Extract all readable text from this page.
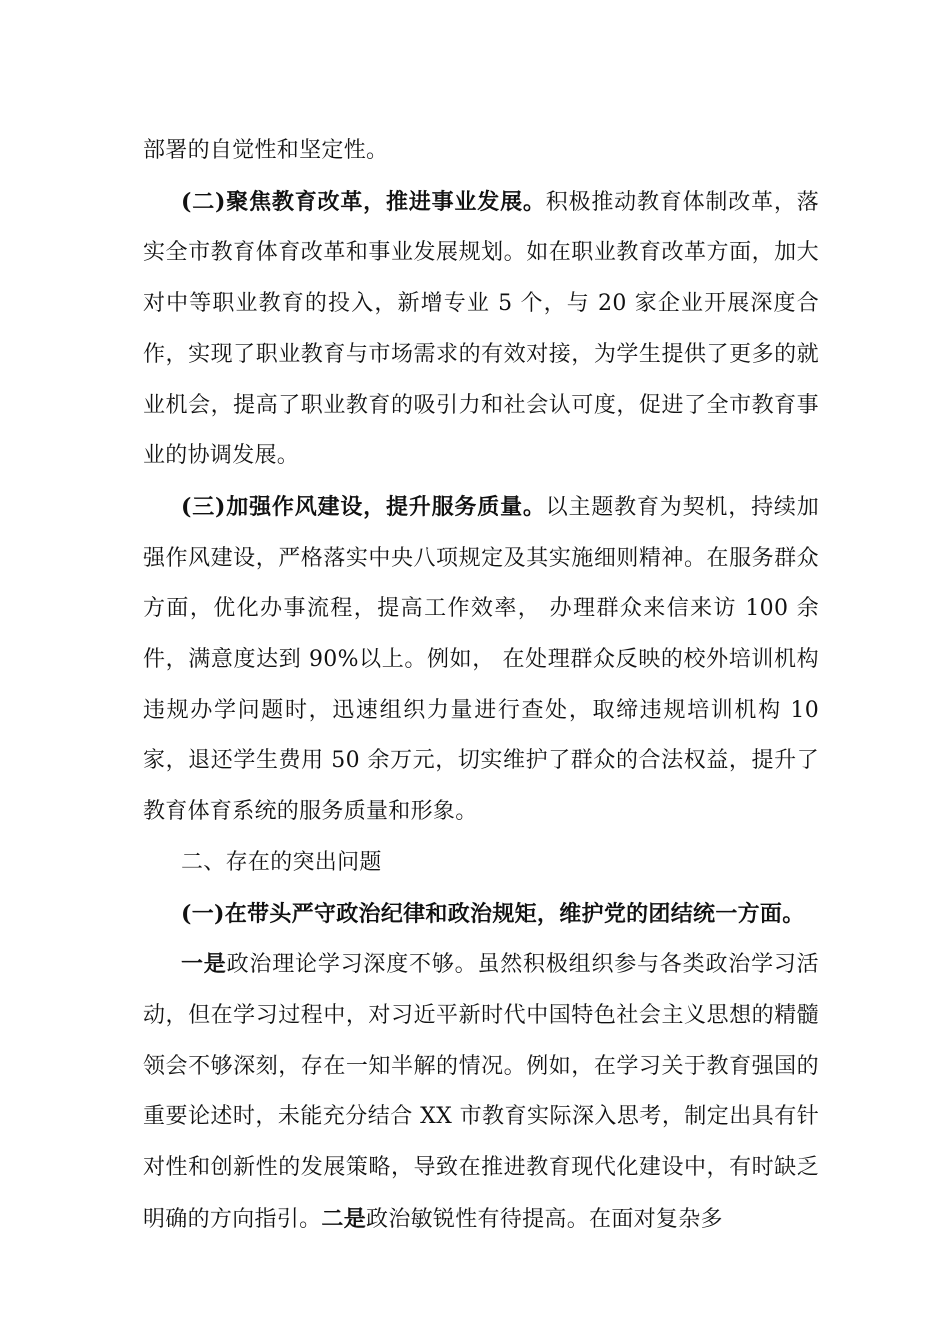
部署的自觉性和坚定性。

(二)聚焦教育改革，推进事业发展。积极推动教育体制改革，落实全市教育体育改革和事业发展规划。如在职业教育改革方面，加大对中等职业教育的投入，新增专业 5 个，与 20 家企业开展深度合作，实现了职业教育与市场需求的有效对接，为学生提供了更多的就业机会，提高了职业教育的吸引力和社会认可度，促进了全市教育事业的协调发展。

(三)加强作风建设，提升服务质量。以主题教育为契机，持续加强作风建设，严格落实中央八项规定及其实施细则精神。在服务群众方面，优化办事流程，提高工作效率， 办理群众来信来访 100 余件，满意度达到 90%以上。例如， 在处理群众反映的校外培训机构违规办学问题时，迅速组织力量进行查处，取缔违规培训机构 10 家，退还学生费用 50 余万元，切实维护了群众的合法权益，提升了教育体育系统的服务质量和形象。

二、存在的突出问题

(一)在带头严守政治纪律和政治规矩，维护党的团结统一方面。

一是政治理论学习深度不够。虽然积极组织参与各类政治学习活动，但在学习过程中，对习近平新时代中国特色社会主义思想的精髓领会不够深刻，存在一知半解的情况。例如，在学习关于教育强国的重要论述时，未能充分结合 XX 市教育实际深入思考，制定出具有针对性和创新性的发展策略，导致在推进教育现代化建设中，有时缺乏明确的方向指引。二是政治敏锐性有待提高。在面对复杂多
